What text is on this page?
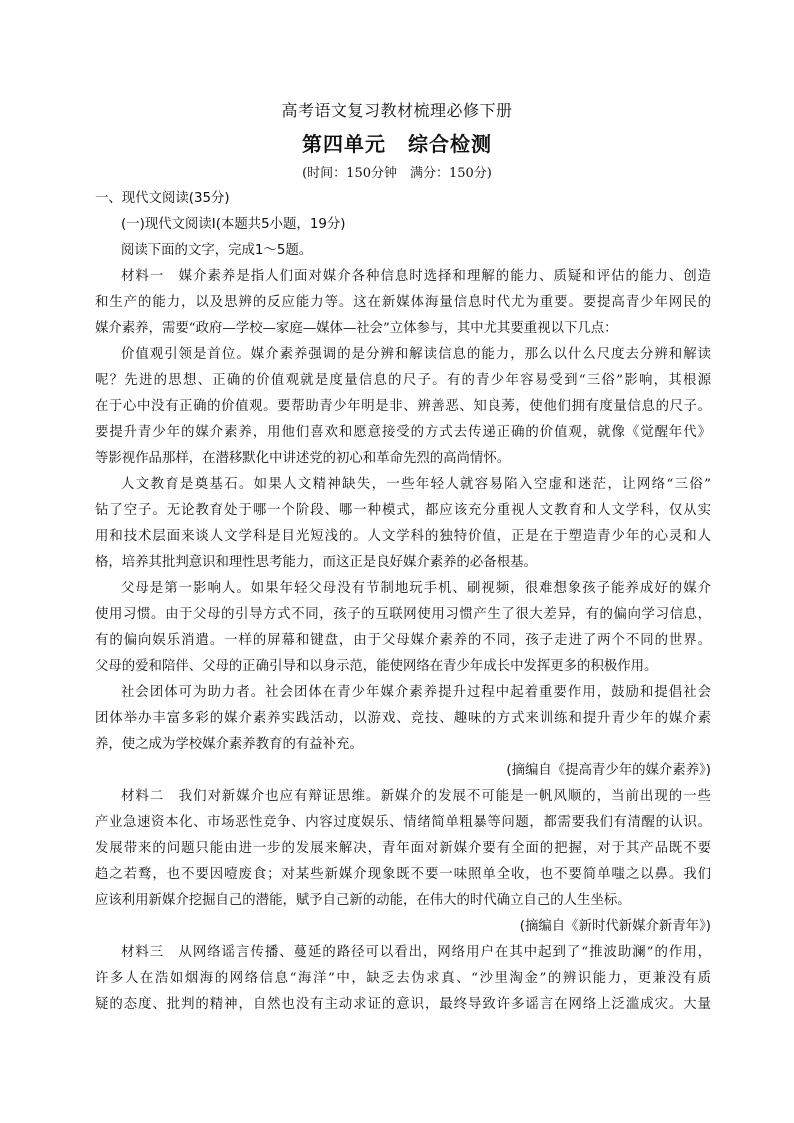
高考语文复习教材梳理必修下册
第四单元 综合检测
(时间：150分钟　满分：150分)
一、现代文阅读(35分)
(一)现代文阅读Ⅰ(本题共5小题，19分)
阅读下面的文字，完成1～5题。
材料一　媒介素养是指人们面对媒介各种信息时选择和理解的能力、质疑和评估的能力、创造
和生产的能力，以及思辨的反应能力等。这在新媒体海量信息时代尤为重要。要提高青少年网民的
媒介素养，需要“政府—学校—家庭—媒体—社会”立体参与，其中尤其要重视以下几点：
价值观引领是首位。媒介素养强调的是分辨和解读信息的能力，那么以什么尺度去分辨和解读
呢？先进的思想、正确的价值观就是度量信息的尺子。有的青少年容易受到“三俗”影响，其根源
在于心中没有正确的价值观。要帮助青少年明是非、辨善恶、知良莠，使他们拥有度量信息的尺子。
要提升青少年的媒介素养，用他们喜欢和愿意接受的方式去传递正确的价值观，就像《觉醒年代》
等影视作品那样，在潜移默化中讲述党的初心和革命先烈的高尚情怀。
人文教育是奠基石。如果人文精神缺失，一些年轻人就容易陷入空虚和迷茫，让网络“三俗”
钻了空子。无论教育处于哪一个阶段、哪一种模式，都应该充分重视人文教育和人文学科，仅从实
用和技术层面来谈人文学科是目光短浅的。人文学科的独特价值，正是在于塑造青少年的心灵和人
格，培养其批判意识和理性思考能力，而这正是良好媒介素养的必备根基。
父母是第一影响人。如果年轻父母没有节制地玩手机、刷视频，很难想象孩子能养成好的媒介
使用习惯。由于父母的引导方式不同，孩子的互联网使用习惯产生了很大差异，有的偏向学习信息，
有的偏向娱乐消遣。一样的屏幕和键盘，由于父母媒介素养的不同，孩子走进了两个不同的世界。
父母的爱和陪伴、父母的正确引导和以身示范，能使网络在青少年成长中发挥更多的积极作用。
社会团体可为助力者。社会团体在青少年媒介素养提升过程中起着重要作用，鼓励和提倡社会
团体举办丰富多彩的媒介素养实践活动，以游戏、竞技、趣味的方式来训练和提升青少年的媒介素
养，使之成为学校媒介素养教育的有益补充。
(摘编自《提高青少年的媒介素养》)
材料二　我们对新媒介也应有辩证思维。新媒介的发展不可能是一帆风顺的，当前出现的一些
产业急速资本化、市场恶性竞争、内容过度娱乐、情绪简单粗暴等问题，都需要我们有清醒的认识。
发展带来的问题只能由进一步的发展来解决，青年面对新媒介要有全面的把握，对于其产品既不要
趋之若鹜，也不要因噎废食；对某些新媒介现象既不要一味照单全收，也不要简单嗤之以鼻。我们
应该利用新媒介挖掘自己的潜能，赋予自己新的动能，在伟大的时代确立自己的人生坐标。
(摘编自《新时代新媒介新青年》)
材料三　从网络谣言传播、蔓延的路径可以看出，网络用户在其中起到了“推波助澜”的作用，
许多人在浩如烟海的网络信息“海洋”中，缺乏去伪求真、“沙里淘金”的辨识能力，更兼没有质
疑的态度、批判的精神，自然也没有主动求证的意识，最终导致许多谣言在网络上泛滥成灾。大量
